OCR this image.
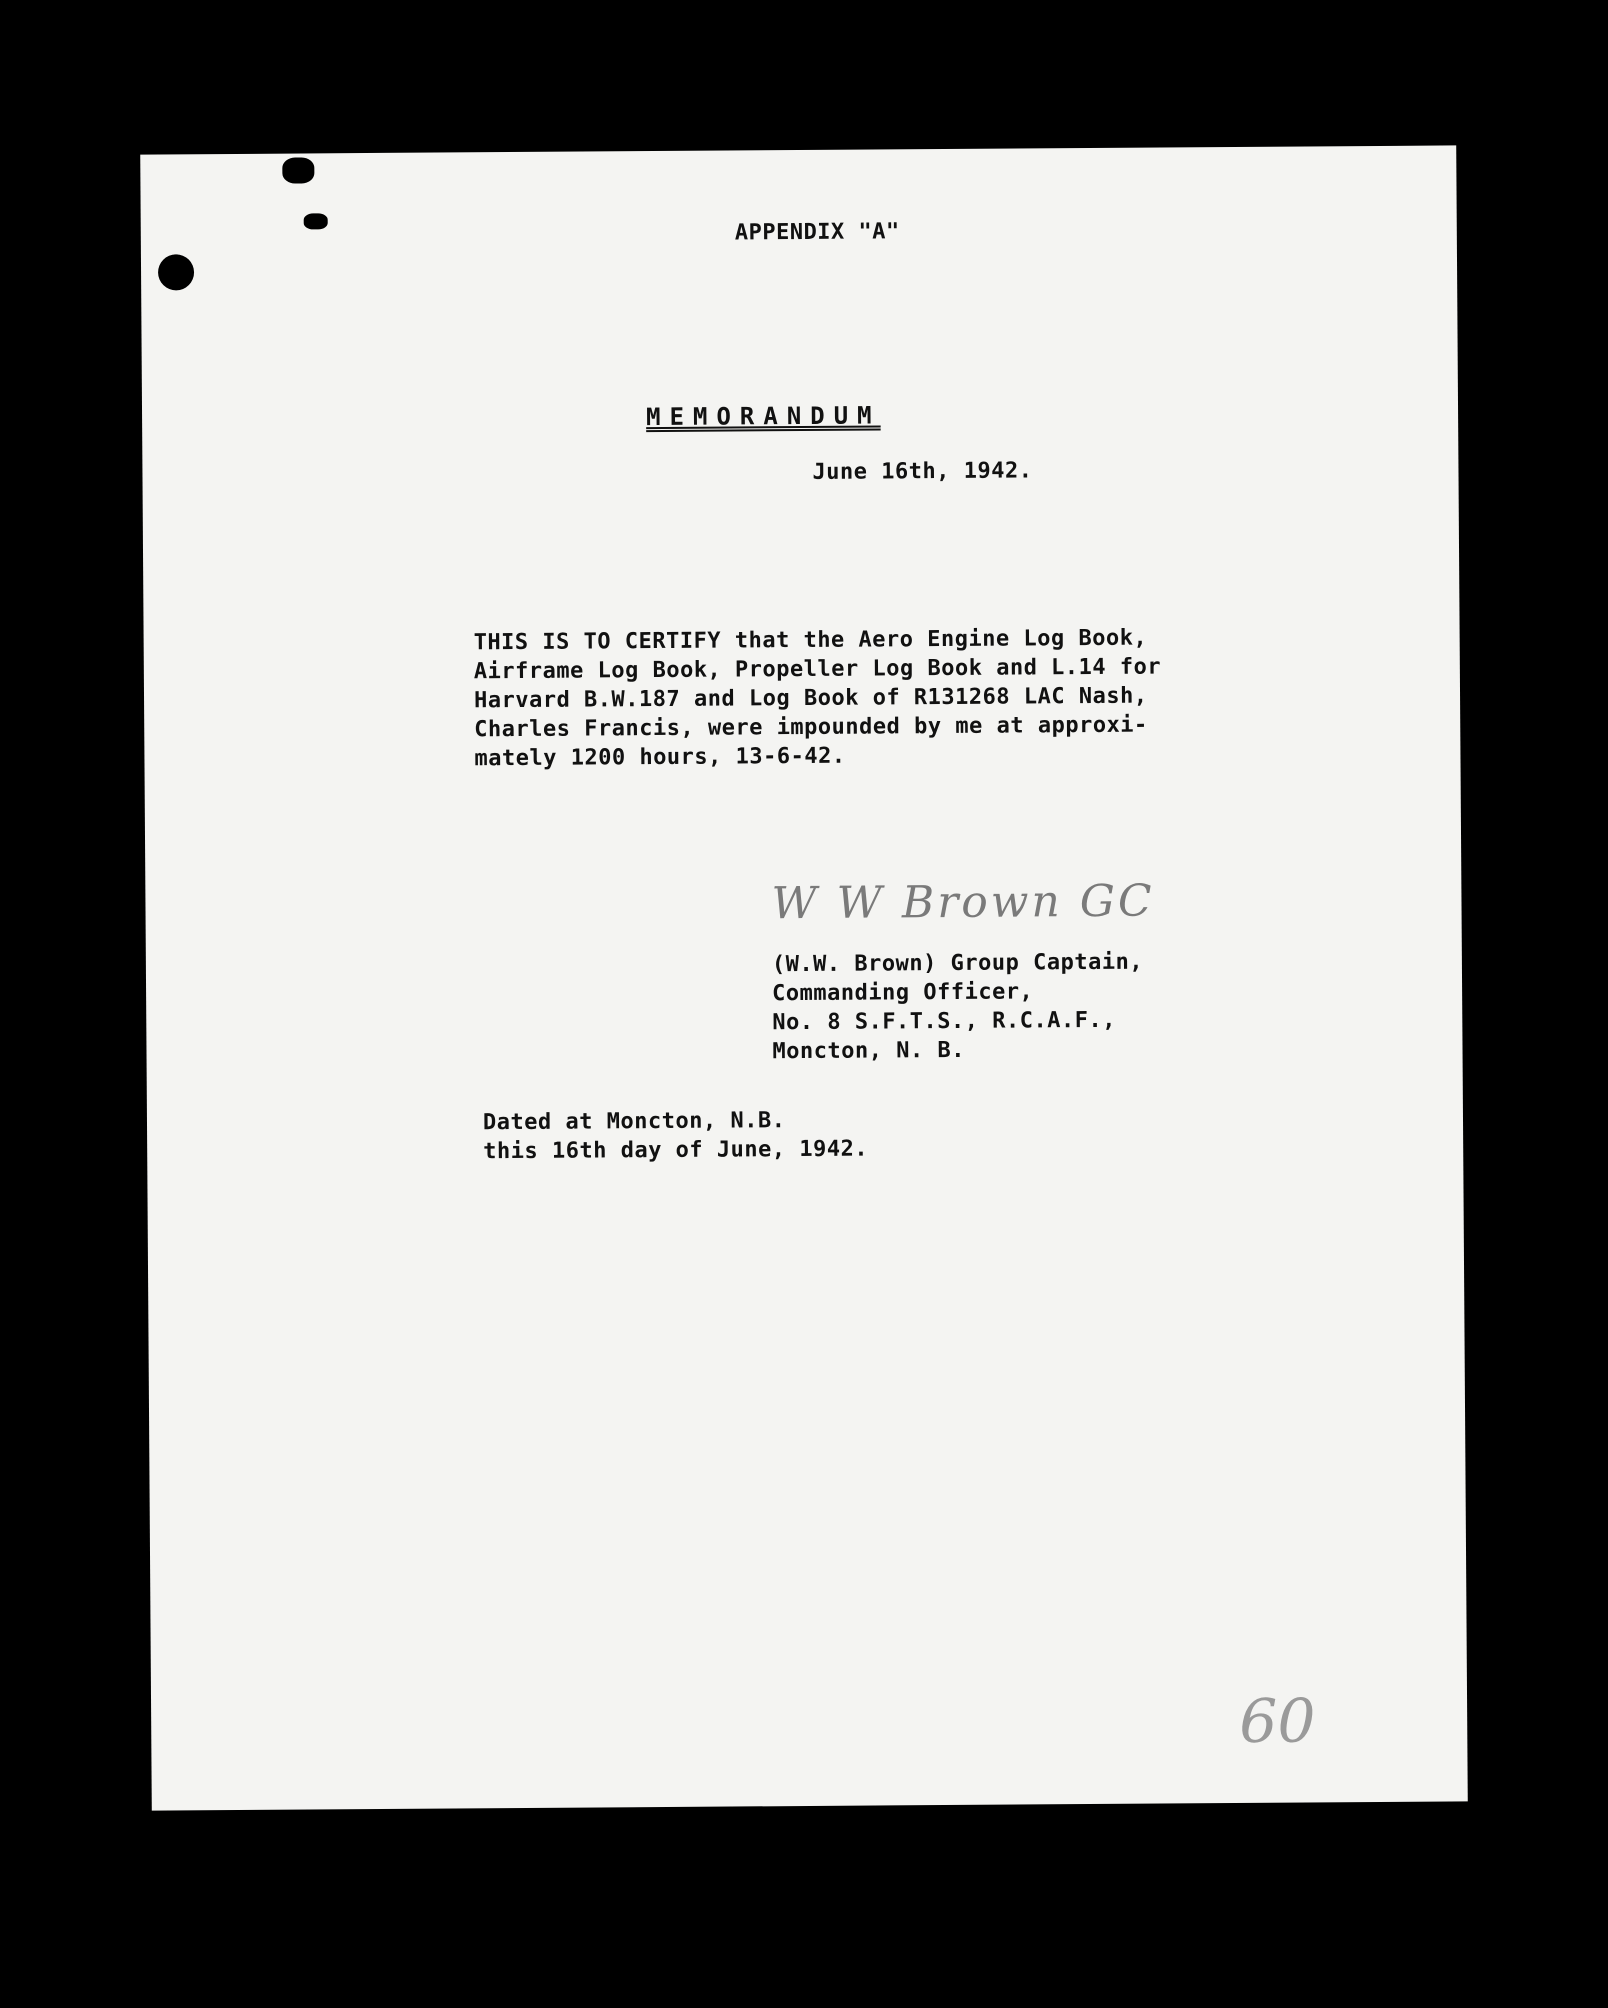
APPENDIX "A"
MEMORANDUM
June 16th, 1942.
THIS IS TO CERTIFY that the Aero Engine Log Book,
Airframe Log Book, Propeller Log Book and L.14 for
Harvard B.W.187 and Log Book of R131268 LAC Nash,
Charles Francis, were impounded by me at approxi-
mately 1200 hours, 13-6-42.
W W Brown GC
(W.W. Brown) Group Captain,
Commanding Officer,
No. 8 S.F.T.S., R.C.A.F.,
Moncton, N. B.
Dated at Moncton, N.B.
this 16th day of June, 1942.
60
